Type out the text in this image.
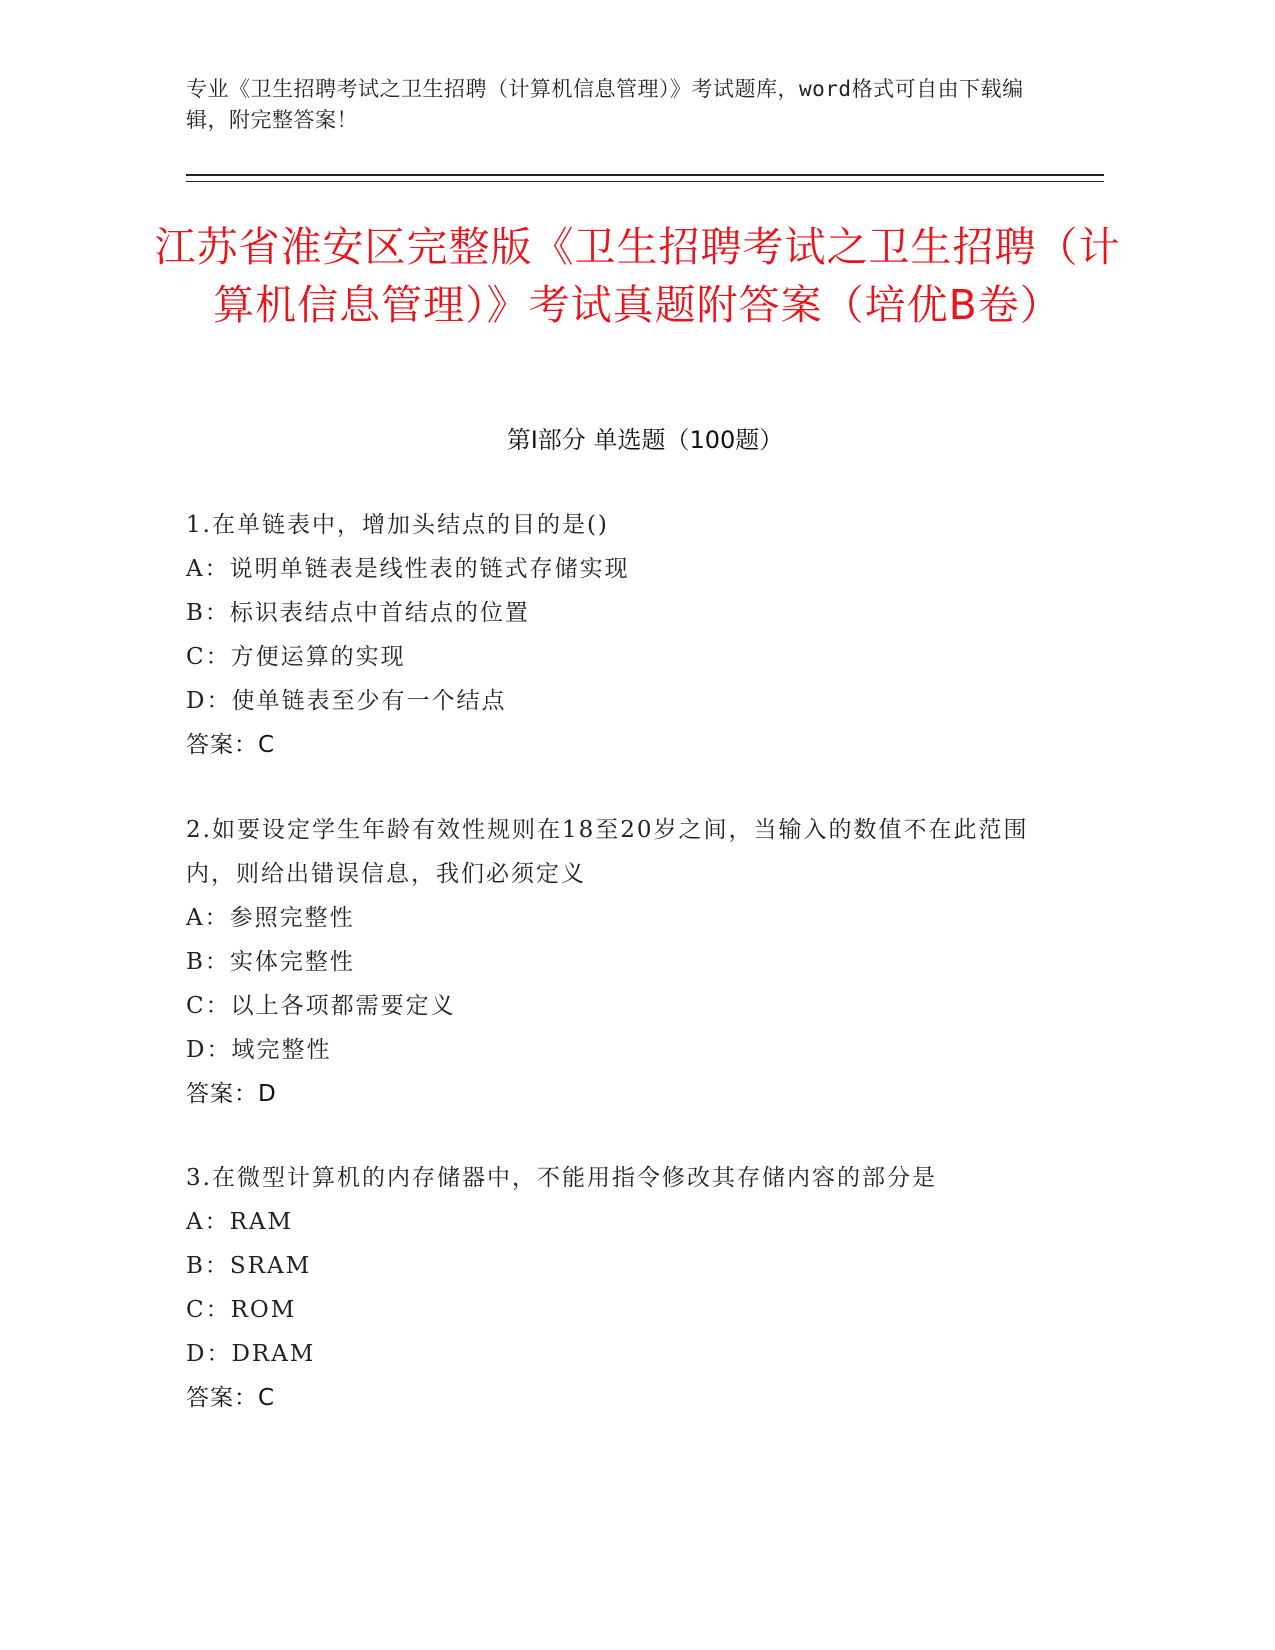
专业《卫生招聘考试之卫生招聘（计算机信息管理）》考试题库，word格式可自由下载编辑，附完整答案！
江苏省淮安区完整版《卫生招聘考试之卫生招聘（计算机信息管理）》考试真题附答案（培优B卷）
第Ⅰ部分 单选题（100题）
1.在单链表中，增加头结点的目的是()
A：说明单链表是线性表的链式存储实现
B：标识表结点中首结点的位置
C：方便运算的实现
D：使单链表至少有一个结点
答案：C
2.如要设定学生年龄有效性规则在18至20岁之间，当输入的数值不在此范围内，则给出错误信息，我们必须定义
A：参照完整性
B：实体完整性
C：以上各项都需要定义
D：域完整性
答案：D
3.在微型计算机的内存储器中，不能用指令修改其存储内容的部分是
A：RAM
B：SRAM
C：ROM
D：DRAM
答案：C
